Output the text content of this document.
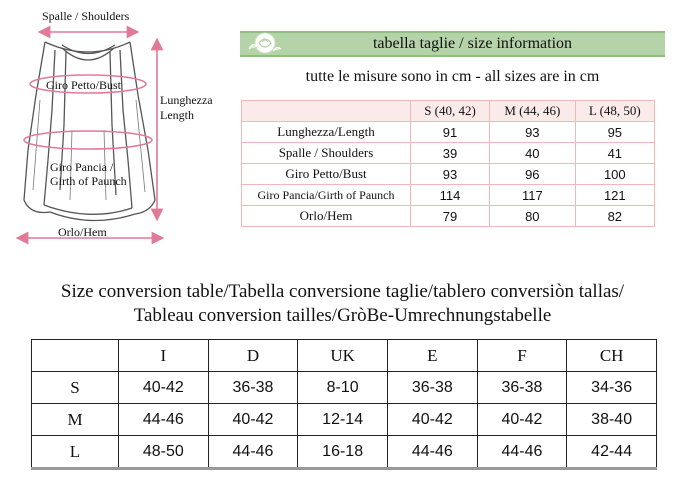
Spalle / Shoulders
Giro Petto/Bust
Lunghezza
Length
Giro Pancia /
Girth of Paunch
Orlo/Hem
tabella taglie / size information
tutte le misure sono in cm - all sizes are in cm
	S (40, 42)	M (44, 46)	L (48, 50)
Lunghezza/Length	91	93	95
Spalle / Shoulders	39	40	41
Giro Petto/Bust	93	96	100
Giro Pancia/Girth of Paunch	114	117	121
Orlo/Hem	79	80	82
Size conversion table/Tabella conversione taglie/tablero conversiòn tallas/
Tableau conversion tailles/GròBe-Umrechnungstabelle
	I	D	UK	E	F	CH
S	40-42	36-38	8-10	36-38	36-38	34-36
M	44-46	40-42	12-14	40-42	40-42	38-40
L	48-50	44-46	16-18	44-46	44-46	42-44
